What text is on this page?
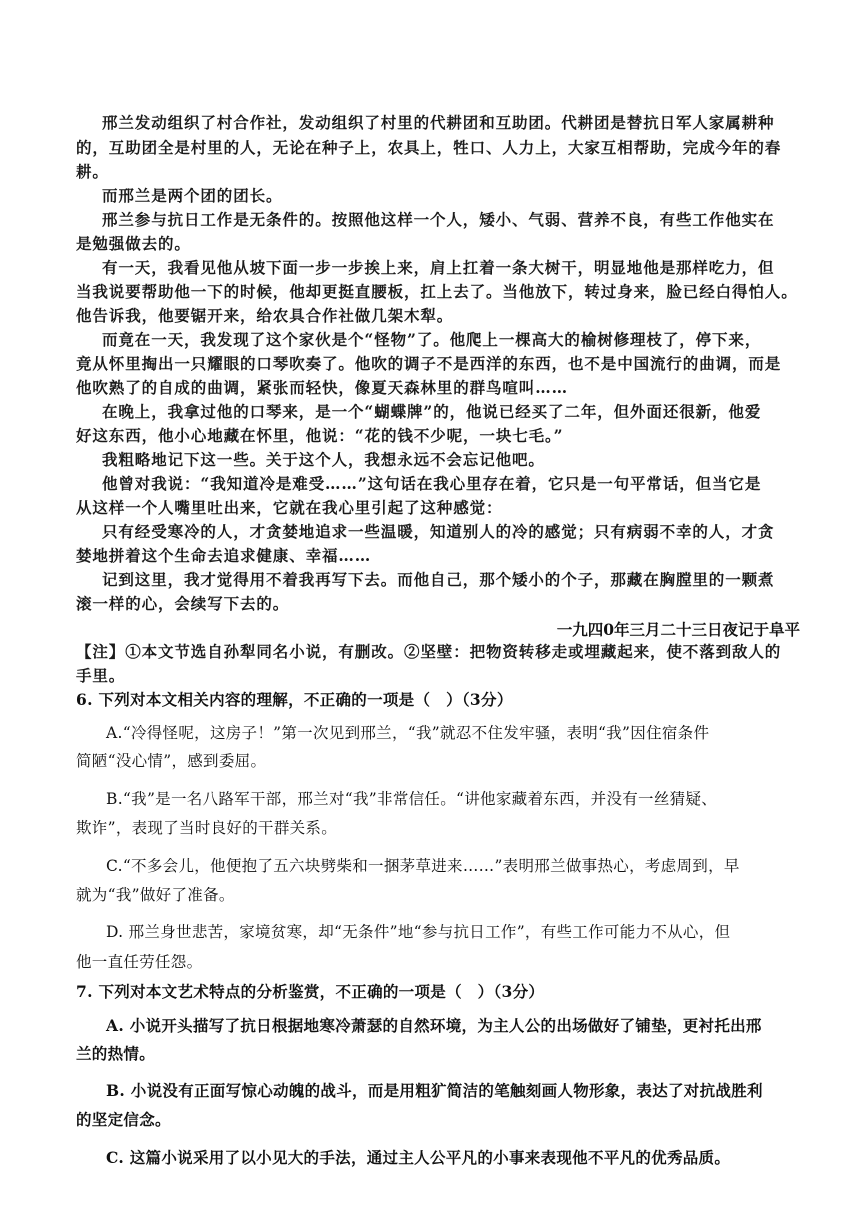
邢兰发动组织了村合作社，发动组织了村里的代耕团和互助团。代耕团是替抗日军人家属耕种
的，互助团全是村里的人，无论在种子上，农具上，牲口、人力上，大家互相帮助，完成今年的春
耕。
而邢兰是两个团的团长。
邢兰参与抗日工作是无条件的。按照他这样一个人，矮小、气弱、营养不良，有些工作他实在
是勉强做去的。
有一天，我看见他从坡下面一步一步挨上来，肩上扛着一条大树干，明显地他是那样吃力，但
当我说要帮助他一下的时候，他却更挺直腰板，扛上去了。当他放下，转过身来，脸已经白得怕人。
他告诉我，他要锯开来，给农具合作社做几架木犁。
而竟在一天，我发现了这个家伙是个“怪物”了。他爬上一棵高大的榆树修理枝了，停下来，
竟从怀里掏出一只耀眼的口琴吹奏了。他吹的调子不是西洋的东西，也不是中国流行的曲调，而是
他吹熟了的自成的曲调，紧张而轻快，像夏天森林里的群鸟喧叫……
在晚上，我拿过他的口琴来，是一个“蝴蝶牌”的，他说已经买了二年，但外面还很新，他爱
好这东西，他小心地藏在怀里，他说：“花的钱不少呢，一块七毛。”
我粗略地记下这一些。关于这个人，我想永远不会忘记他吧。
他曾对我说：“我知道冷是难受……”这句话在我心里存在着，它只是一句平常话，但当它是
从这样一个人嘴里吐出来，它就在我心里引起了这种感觉：
只有经受寒冷的人，才贪婪地追求一些温暖，知道别人的冷的感觉；只有病弱不幸的人，才贪
婪地拼着这个生命去追求健康、幸福……
记到这里，我才觉得用不着我再写下去。而他自己，那个矮小的个子，那藏在胸膛里的一颗煮
滚一样的心，会续写下去的。
一九四0年三月二十三日夜记于阜平
【注】①本文节选自孙犁同名小说，有删改。②坚壁：把物资转移走或埋藏起来，使不落到敌人的
手里。
6. 下列对本文相关内容的理解，不正确的一项是（　）（3分）
A.“冷得怪呢，这房子！”第一次见到邢兰，“我”就忍不住发牢骚，表明“我”因住宿条件
简陋“没心情”，感到委屈。
B.“我”是一名八路军干部，邢兰对“我”非常信任。“讲他家藏着东西，并没有一丝猜疑、
欺诈”，表现了当时良好的干群关系。
C.“不多会儿，他便抱了五六块劈柴和一捆茅草进来……”表明邢兰做事热心，考虑周到，早
就为“我”做好了准备。
D. 邢兰身世悲苦，家境贫寒，却“无条件”地“参与抗日工作”，有些工作可能力不从心，但
他一直任劳任怨。
7. 下列对本文艺术特点的分析鉴赏，不正确的一项是（　）（3分）
A. 小说开头描写了抗日根据地寒冷萧瑟的自然环境，为主人公的出场做好了铺垫，更衬托出邢
兰的热情。
B. 小说没有正面写惊心动魄的战斗，而是用粗犷简洁的笔触刻画人物形象，表达了对抗战胜利
的坚定信念。
C. 这篇小说采用了以小见大的手法，通过主人公平凡的小事来表现他不平凡的优秀品质。
